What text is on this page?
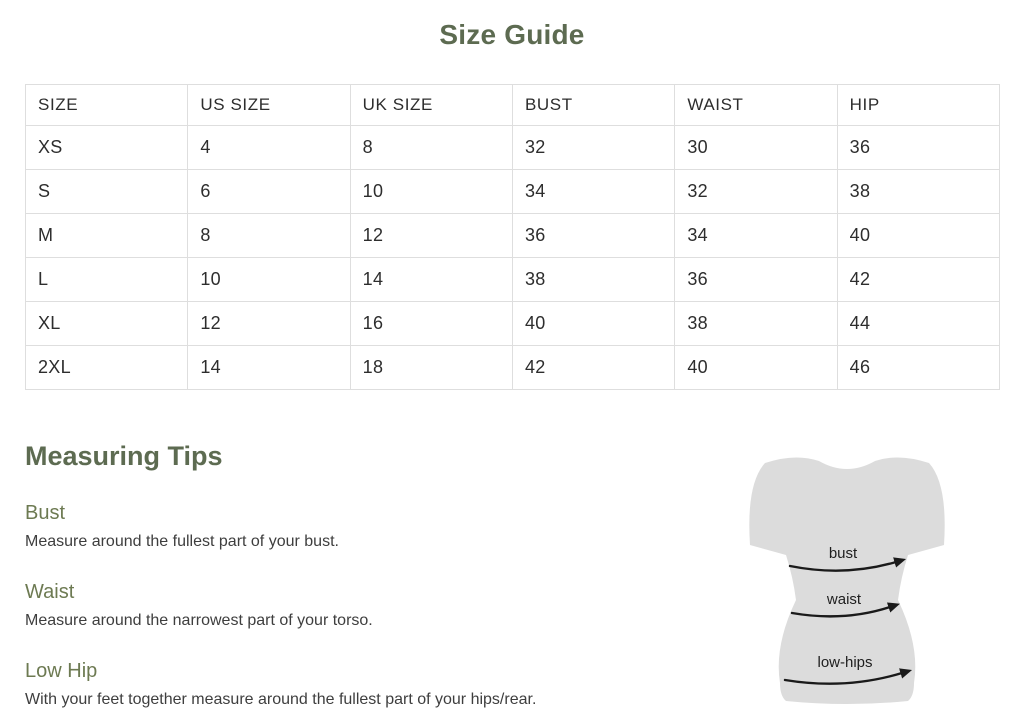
Size Guide
SIZE	US SIZE	UK SIZE	BUST	WAIST	HIP
XS	4	8	32	30	36
S	6	10	34	32	38
M	8	12	36	34	40
L	10	14	38	36	42
XL	12	16	40	38	44
2XL	14	18	42	40	46
Measuring Tips
Bust
Measure around the fullest part of your bust.
Waist
Measure around the narrowest part of your torso.
Low Hip
With your feet together measure around the fullest part of your hips/rear.
bust
waist
low-hips
